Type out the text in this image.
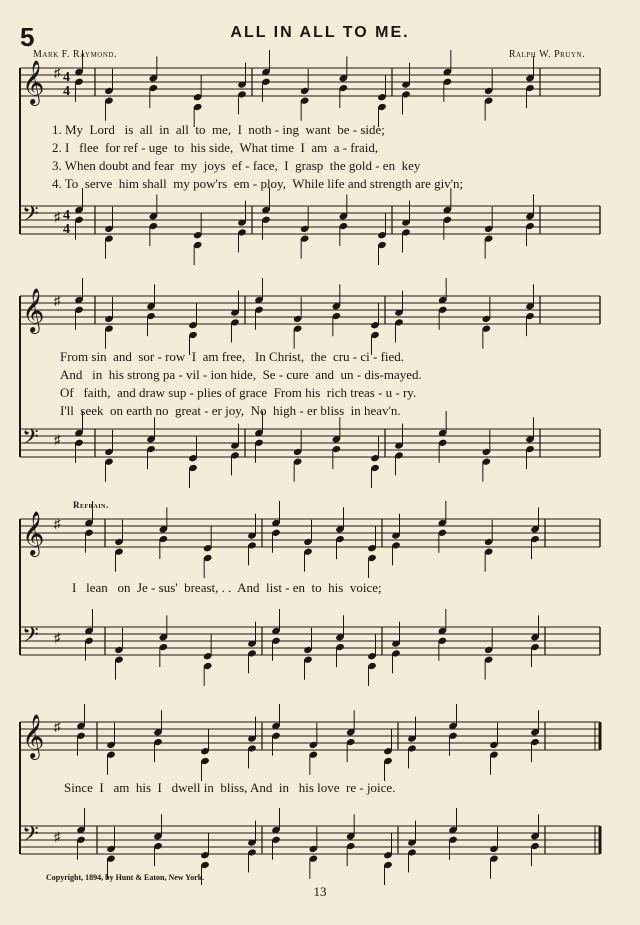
5	ALL IN ALL TO ME.
Mark F. Raymond.	Ralph W. Pruyn.
𝄞 ♯ 4
4
𝄢 ♯ 4
4
𝄞 ♯
𝄢 ♯
𝄞 ♯
𝄢 ♯
𝄞 ♯
𝄢 ♯
1. My  Lord   is  all  in  all  to  me,  I  noth - ing  want  be - side;
2. I   flee  for ref - uge  to  his side,  What time  I  am  a - fraid,
3. When doubt and fear  my  joys  ef - face,  I  grasp  the gold - en  key
4. To  serve  him shall  my pow'rs  em - ploy,  While life and strength are giv'n;
From sin  and  sor - row  I  am free,   In Christ,  the  cru - ci - fied.
And   in  his strong pa - vil - ion hide,  Se - cure  and  un - dis-mayed.
Of   faith,  and draw sup - plies of grace  From his  rich treas - u - ry.
I'll  seek  on earth no  great - er joy,  No  high - er bliss  in heav'n.
Refrain.
I   lean   on  Je - sus'  breast, . .  And  list - en  to  his  voice;
Since  I   am  his  I   dwell in  bliss, And  in   his love  re - joice.
Copyright, 1894, by Hunt & Eaton, New York.
13
